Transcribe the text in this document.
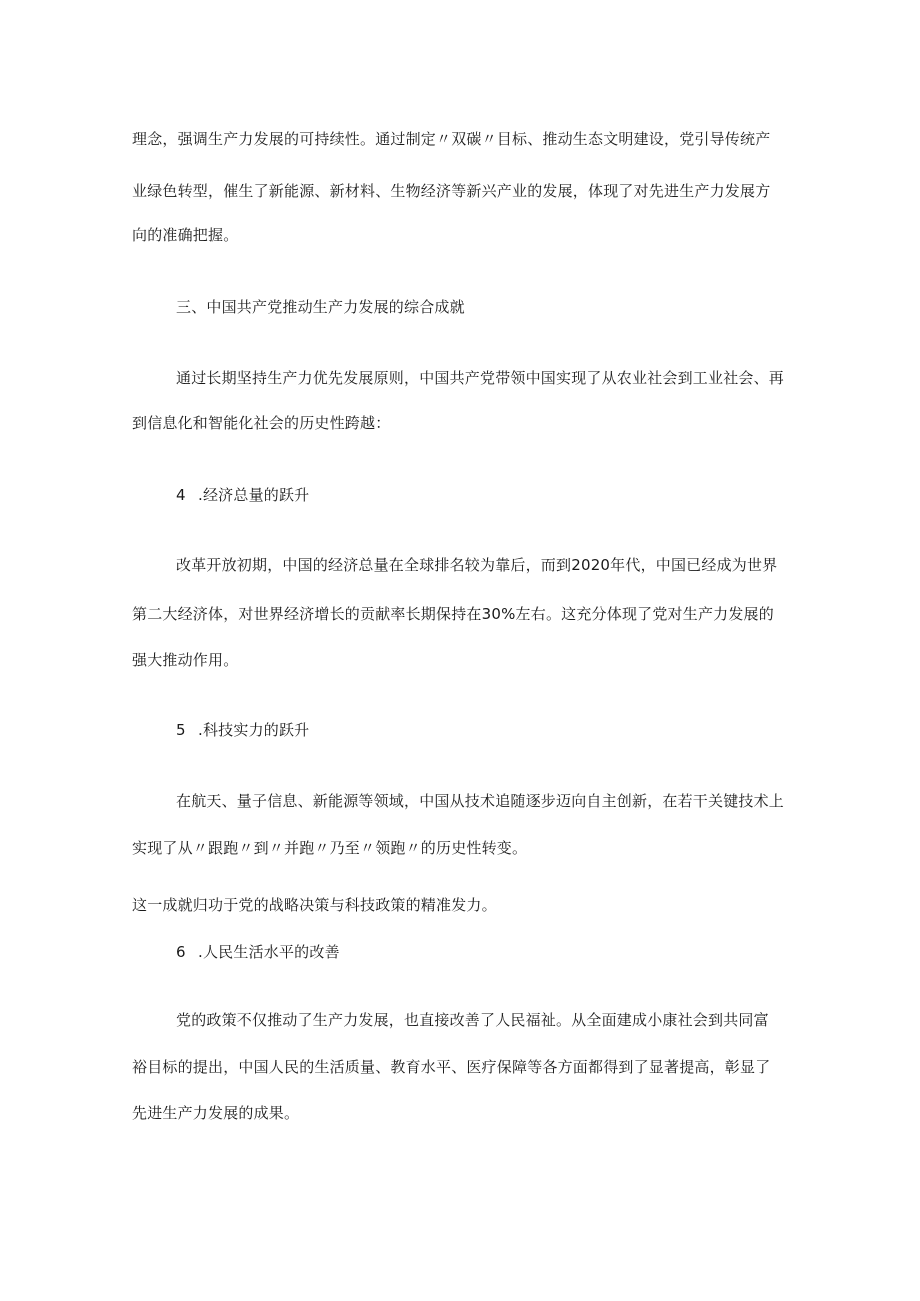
理念，强调生产力发展的可持续性。通过制定〃双碳〃目标、推动生态文明建设，党引导传统产
业绿色转型，催生了新能源、新材料、生物经济等新兴产业的发展，体现了对先进生产力发展方
向的准确把握。
三、中国共产党推动生产力发展的综合成就
通过长期坚持生产力优先发展原则，中国共产党带领中国实现了从农业社会到工业社会、再
到信息化和智能化社会的历史性跨越：
4 .经济总量的跃升
改革开放初期，中国的经济总量在全球排名较为靠后，而到2020年代，中国已经成为世界
第二大经济体，对世界经济增长的贡献率长期保持在30%左右。这充分体现了党对生产力发展的
强大推动作用。
5 .科技实力的跃升
在航天、量子信息、新能源等领域，中国从技术追随逐步迈向自主创新，在若干关键技术上
实现了从〃跟跑〃到〃并跑〃乃至〃领跑〃的历史性转变。
这一成就归功于党的战略决策与科技政策的精准发力。
6 .人民生活水平的改善
党的政策不仅推动了生产力发展，也直接改善了人民福祉。从全面建成小康社会到共同富
裕目标的提出，中国人民的生活质量、教育水平、医疗保障等各方面都得到了显著提高，彰显了
先进生产力发展的成果。
